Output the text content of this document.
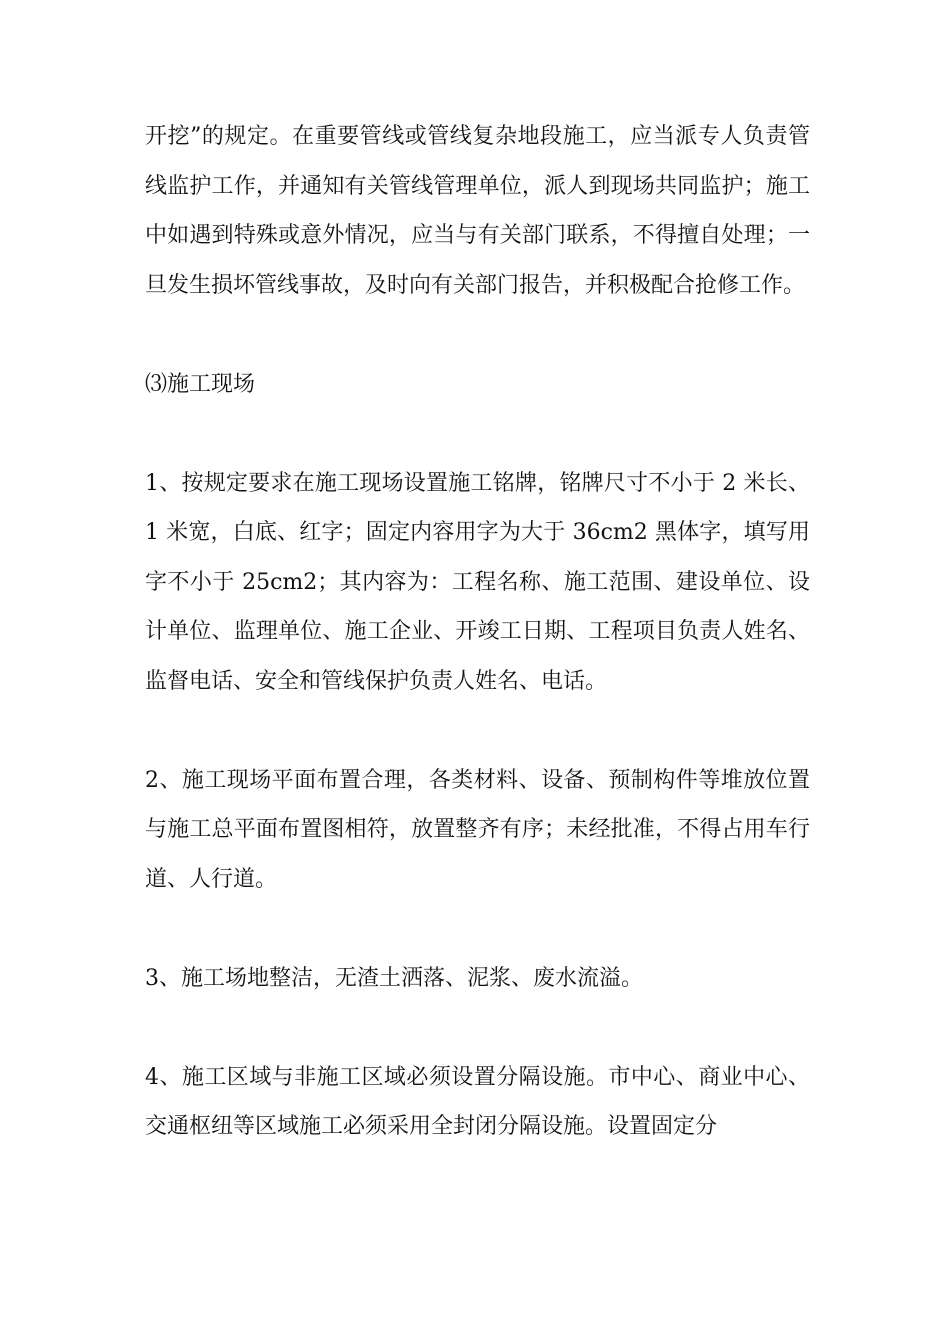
开挖”的规定。在重要管线或管线复杂地段施工，应当派专人负责管线监护工作，并通知有关管线管理单位，派人到现场共同监护；施工中如遇到特殊或意外情况，应当与有关部门联系，不得擅自处理；一旦发生损坏管线事故，及时向有关部门报告，并积极配合抢修工作。

⑶施工现场

1、按规定要求在施工现场设置施工铭牌，铭牌尺寸不小于 2 米长、1 米宽，白底、红字；固定内容用字为大于 36cm2 黑体字，填写用字不小于 25cm2；其内容为：工程名称、施工范围、建设单位、设计单位、监理单位、施工企业、开竣工日期、工程项目负责人姓名、监督电话、安全和管线保护负责人姓名、电话。

2、施工现场平面布置合理，各类材料、设备、预制构件等堆放位置与施工总平面布置图相符，放置整齐有序；未经批准，不得占用车行道、人行道。

3、施工场地整洁，无渣土洒落、泥浆、废水流溢。

4、施工区域与非施工区域必须设置分隔设施。市中心、商业中心、交通枢纽等区域施工必须采用全封闭分隔设施。设置固定分
